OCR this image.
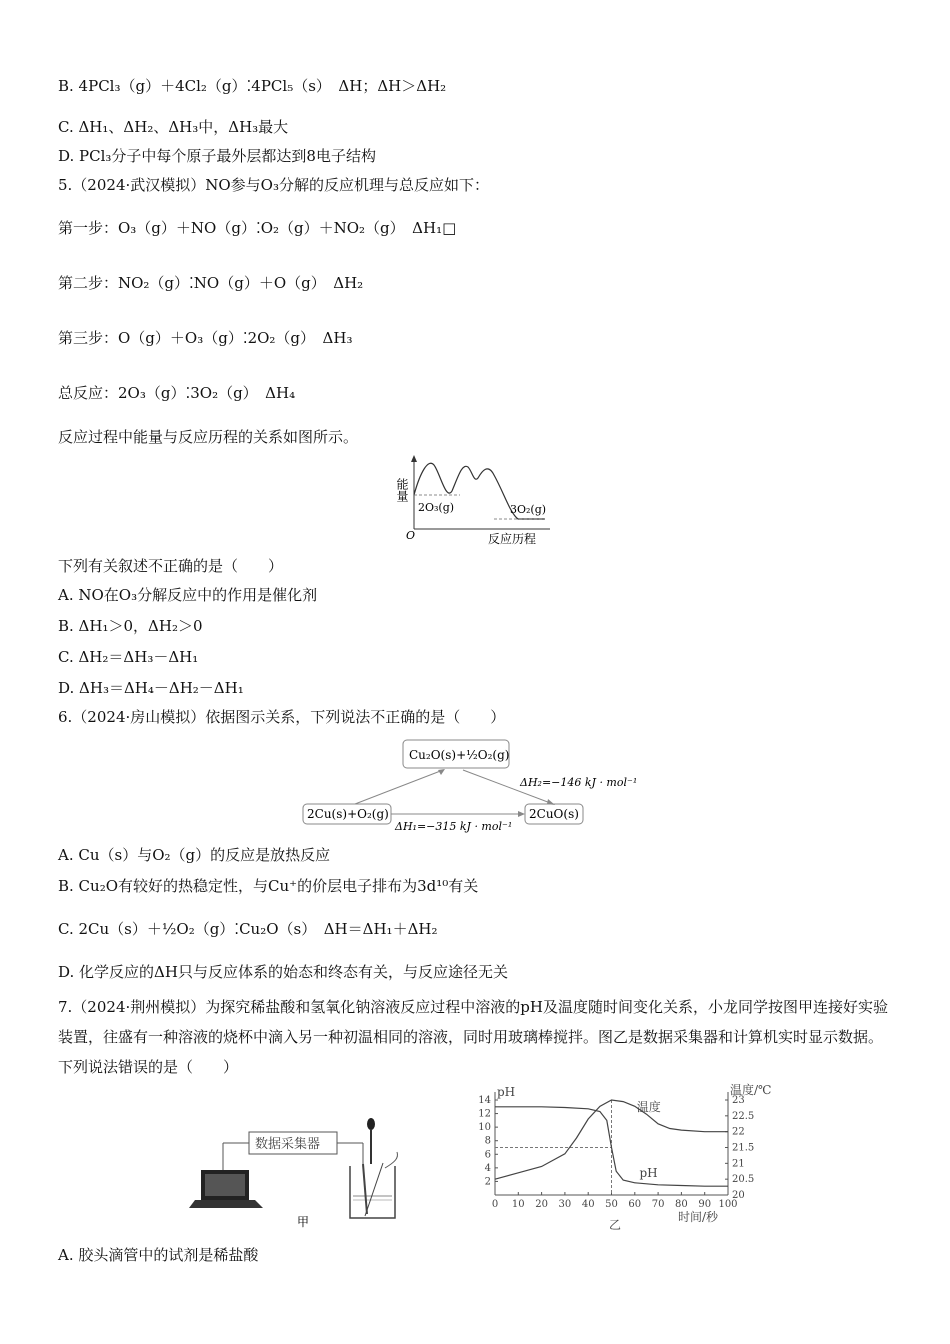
B. 4PCl₃（g）＋4Cl₂（g）⁚4PCl₅（s）　ΔH；ΔH＞ΔH₂
C. ΔH₁、ΔH₂、ΔH₃中，ΔH₃最大
D. PCl₃分子中每个原子最外层都达到8电子结构
5.（2024·武汉模拟）NO参与O₃分解的反应机理与总反应如下：
第一步：O₃（g）＋NO（g）⁚O₂（g）＋NO₂（g）　ΔH₁□
第二步：NO₂（g）⁚NO（g）＋O（g）　ΔH₂
第三步：O（g）＋O₃（g）⁚2O₂（g）　ΔH₃
总反应：2O₃（g）⁚3O₂（g）　ΔH₄
反应过程中能量与反应历程的关系如图所示。
能量
O	反应历程
2O₃(g)	3O₂(g)
下列有关叙述不正确的是（　　）
A. NO在O₃分解反应中的作用是催化剂
B. ΔH₁＞0，ΔH₂＞0
C. ΔH₂＝ΔH₃－ΔH₁
D. ΔH₃＝ΔH₄－ΔH₂－ΔH₁
6.（2024·房山模拟）依据图示关系，下列说法不正确的是（　　）
Cu₂O(s)+½O₂(g)
2Cu(s)+O₂(g)	2CuO(s)
ΔH₂=−146 kJ · mol⁻¹
ΔH₁=−315 kJ · mol⁻¹
A. Cu（s）与O₂（g）的反应是放热反应
B. Cu₂O有较好的热稳定性，与Cu⁺的价层电子排布为3d¹⁰有关
C. 2Cu（s）＋½O₂（g）⁚Cu₂O（s）　ΔH＝ΔH₁＋ΔH₂
D. 化学反应的ΔH只与反应体系的始态和终态有关，与反应途径无关
7.（2024·荆州模拟）为探究稀盐酸和氢氧化钠溶液反应过程中溶液的pH及温度随时间变化关系，小龙同学按图甲连接好实验装置，往盛有一种溶液的烧杯中滴入另一种初温相同的溶液，同时用玻璃棒搅拌。图乙是数据采集器和计算机实时显示数据。下列说法错误的是（　　）
数据采集器
甲
0 10 20 30 40 50 60 70 80 90 100
2
4
6
8
10
12
14
20
20.5
21
21.5
22
22.5
23
pH	温度/℃
时间/秒
乙
温度
pH
A. 胶头滴管中的试剂是稀盐酸
